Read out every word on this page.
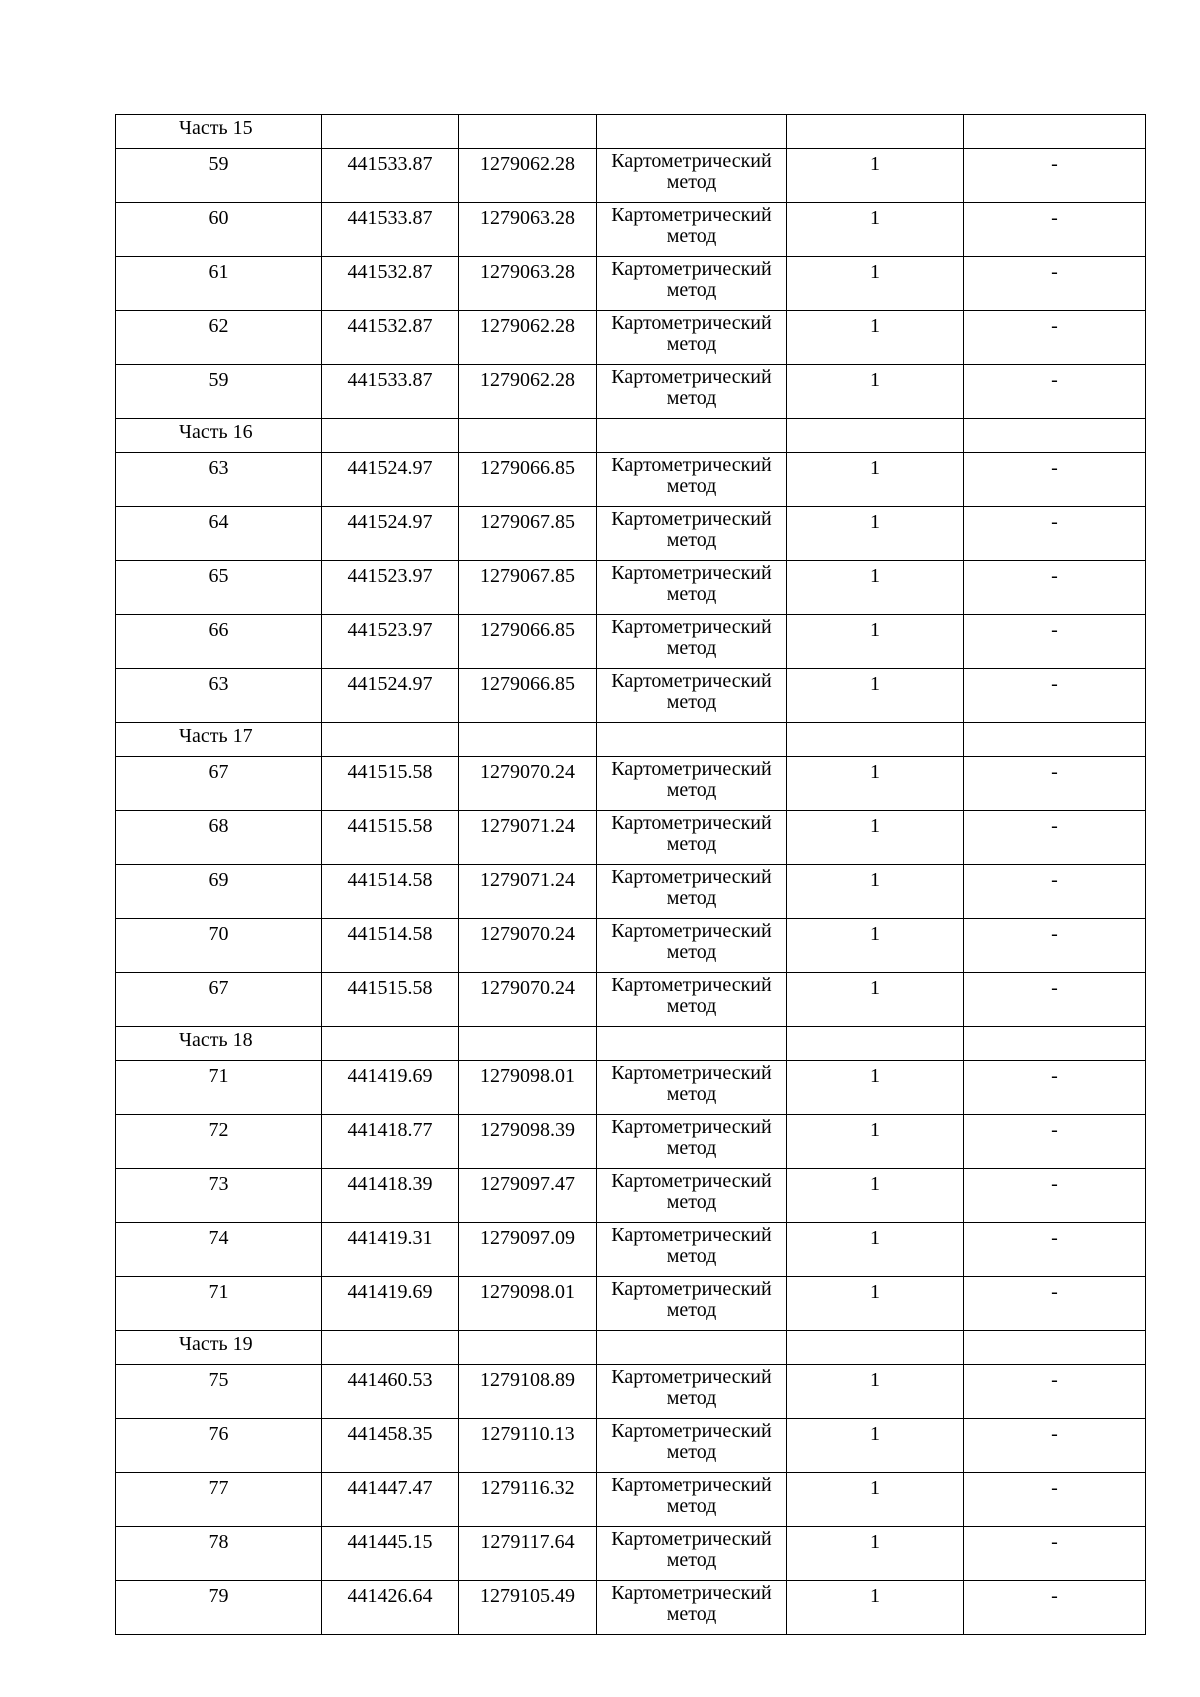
Часть 15					
59	441533.87	1279062.28	Картометрический метод	1	-
60	441533.87	1279063.28	Картометрический метод	1	-
61	441532.87	1279063.28	Картометрический метод	1	-
62	441532.87	1279062.28	Картометрический метод	1	-
59	441533.87	1279062.28	Картометрический метод	1	-
Часть 16					
63	441524.97	1279066.85	Картометрический метод	1	-
64	441524.97	1279067.85	Картометрический метод	1	-
65	441523.97	1279067.85	Картометрический метод	1	-
66	441523.97	1279066.85	Картометрический метод	1	-
63	441524.97	1279066.85	Картометрический метод	1	-
Часть 17					
67	441515.58	1279070.24	Картометрический метод	1	-
68	441515.58	1279071.24	Картометрический метод	1	-
69	441514.58	1279071.24	Картометрический метод	1	-
70	441514.58	1279070.24	Картометрический метод	1	-
67	441515.58	1279070.24	Картометрический метод	1	-
Часть 18					
71	441419.69	1279098.01	Картометрический метод	1	-
72	441418.77	1279098.39	Картометрический метод	1	-
73	441418.39	1279097.47	Картометрический метод	1	-
74	441419.31	1279097.09	Картометрический метод	1	-
71	441419.69	1279098.01	Картометрический метод	1	-
Часть 19					
75	441460.53	1279108.89	Картометрический метод	1	-
76	441458.35	1279110.13	Картометрический метод	1	-
77	441447.47	1279116.32	Картометрический метод	1	-
78	441445.15	1279117.64	Картометрический метод	1	-
79	441426.64	1279105.49	Картометрический метод	1	-
